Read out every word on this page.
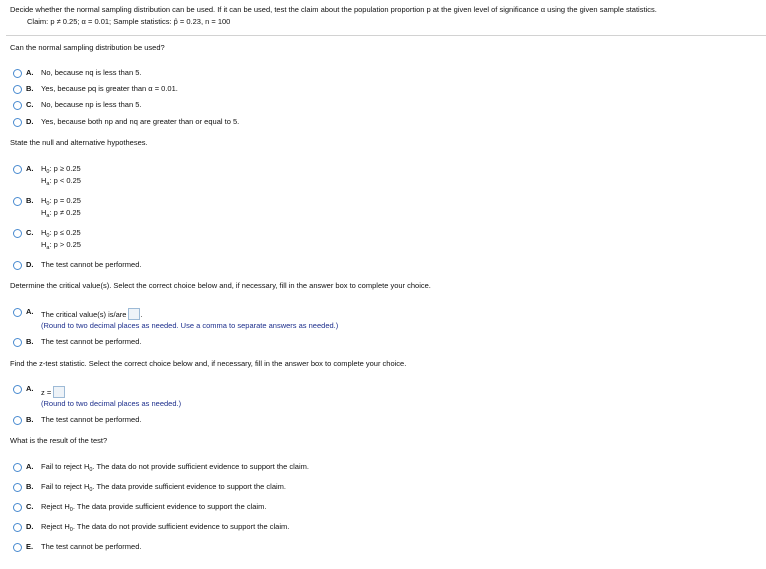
Decide whether the normal sampling distribution can be used. If it can be used, test the claim about the population proportion p at the given level of significance α using the given sample statistics.
Claim: p ≠ 0.25; α = 0.01; Sample statistics: p̂ = 0.23, n = 100
Can the normal sampling distribution be used?
A. No, because nq is less than 5.
B. Yes, because pq is greater than α = 0.01.
C. No, because np is less than 5.
D. Yes, because both np and nq are greater than or equal to 5.
State the null and alternative hypotheses.
A. $H_0$: p ≥ 0.25
$H_a$: p < 0.25
B. $H_0$: p = 0.25
$H_a$: p ≠ 0.25
C. $H_0$: p ≤ 0.25
$H_a$: p > 0.25
D. The test cannot be performed.
Determine the critical value(s). Select the correct choice below and, if necessary, fill in the answer box to complete your choice.
A. The critical value(s) is/are .
(Round to two decimal places as needed. Use a comma to separate answers as needed.)
B. The test cannot be performed.
Find the z-test statistic. Select the correct choice below and, if necessary, fill in the answer box to complete your choice.
A. z =
(Round to two decimal places as needed.)
B. The test cannot be performed.
What is the result of the test?
A. Fail to reject $H_0$. The data do not provide sufficient evidence to support the claim.
B. Fail to reject $H_0$. The data provide sufficient evidence to support the claim.
C. Reject $H_0$. The data provide sufficient evidence to support the claim.
D. Reject $H_0$. The data do not provide sufficient evidence to support the claim.
E. The test cannot be performed.
